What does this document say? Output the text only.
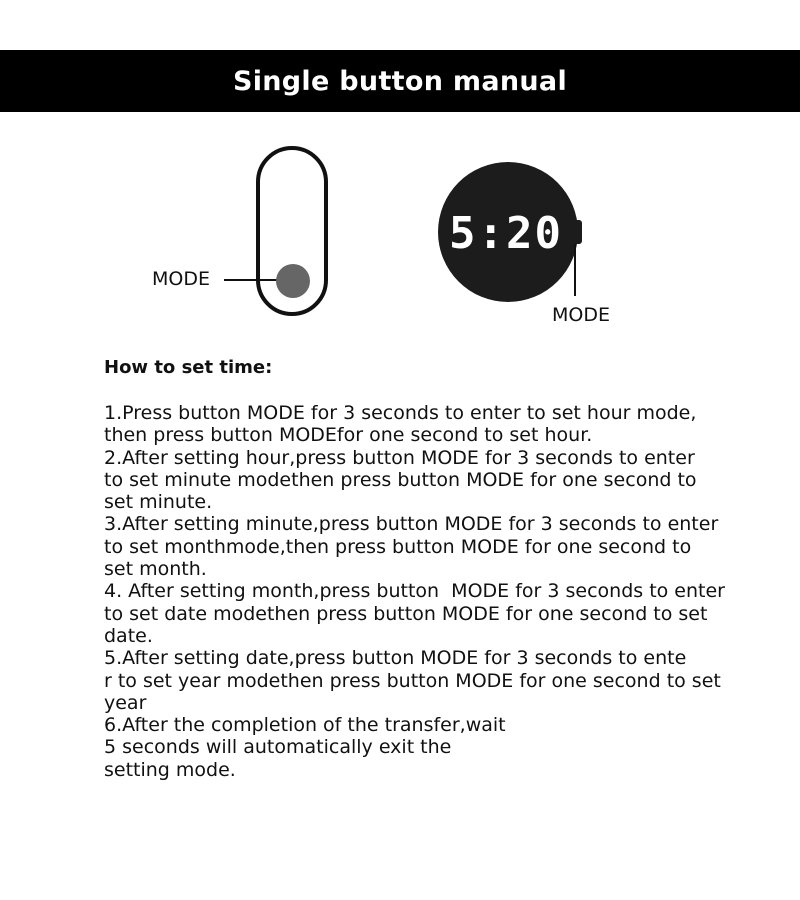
Single button manual
5:20
MODE
MODE
How to set time:
1.Press button MODE for 3 seconds to enter to set hour mode,
then press button MODEfor one second to set hour.
2.After setting hour,press button MODE for 3 seconds to enter
to set minute modethen press button MODE for one second to
set minute.
3.After setting minute,press button MODE for 3 seconds to enter
to set monthmode,then press button MODE for one second to
set month.
4. After setting month,press button  MODE for 3 seconds to enter
to set date modethen press button MODE for one second to set
date.
5.After setting date,press button MODE for 3 seconds to ente
r to set year modethen press button MODE for one second to set
year
6.After the completion of the transfer,wait
5 seconds will automatically exit the
setting mode.
